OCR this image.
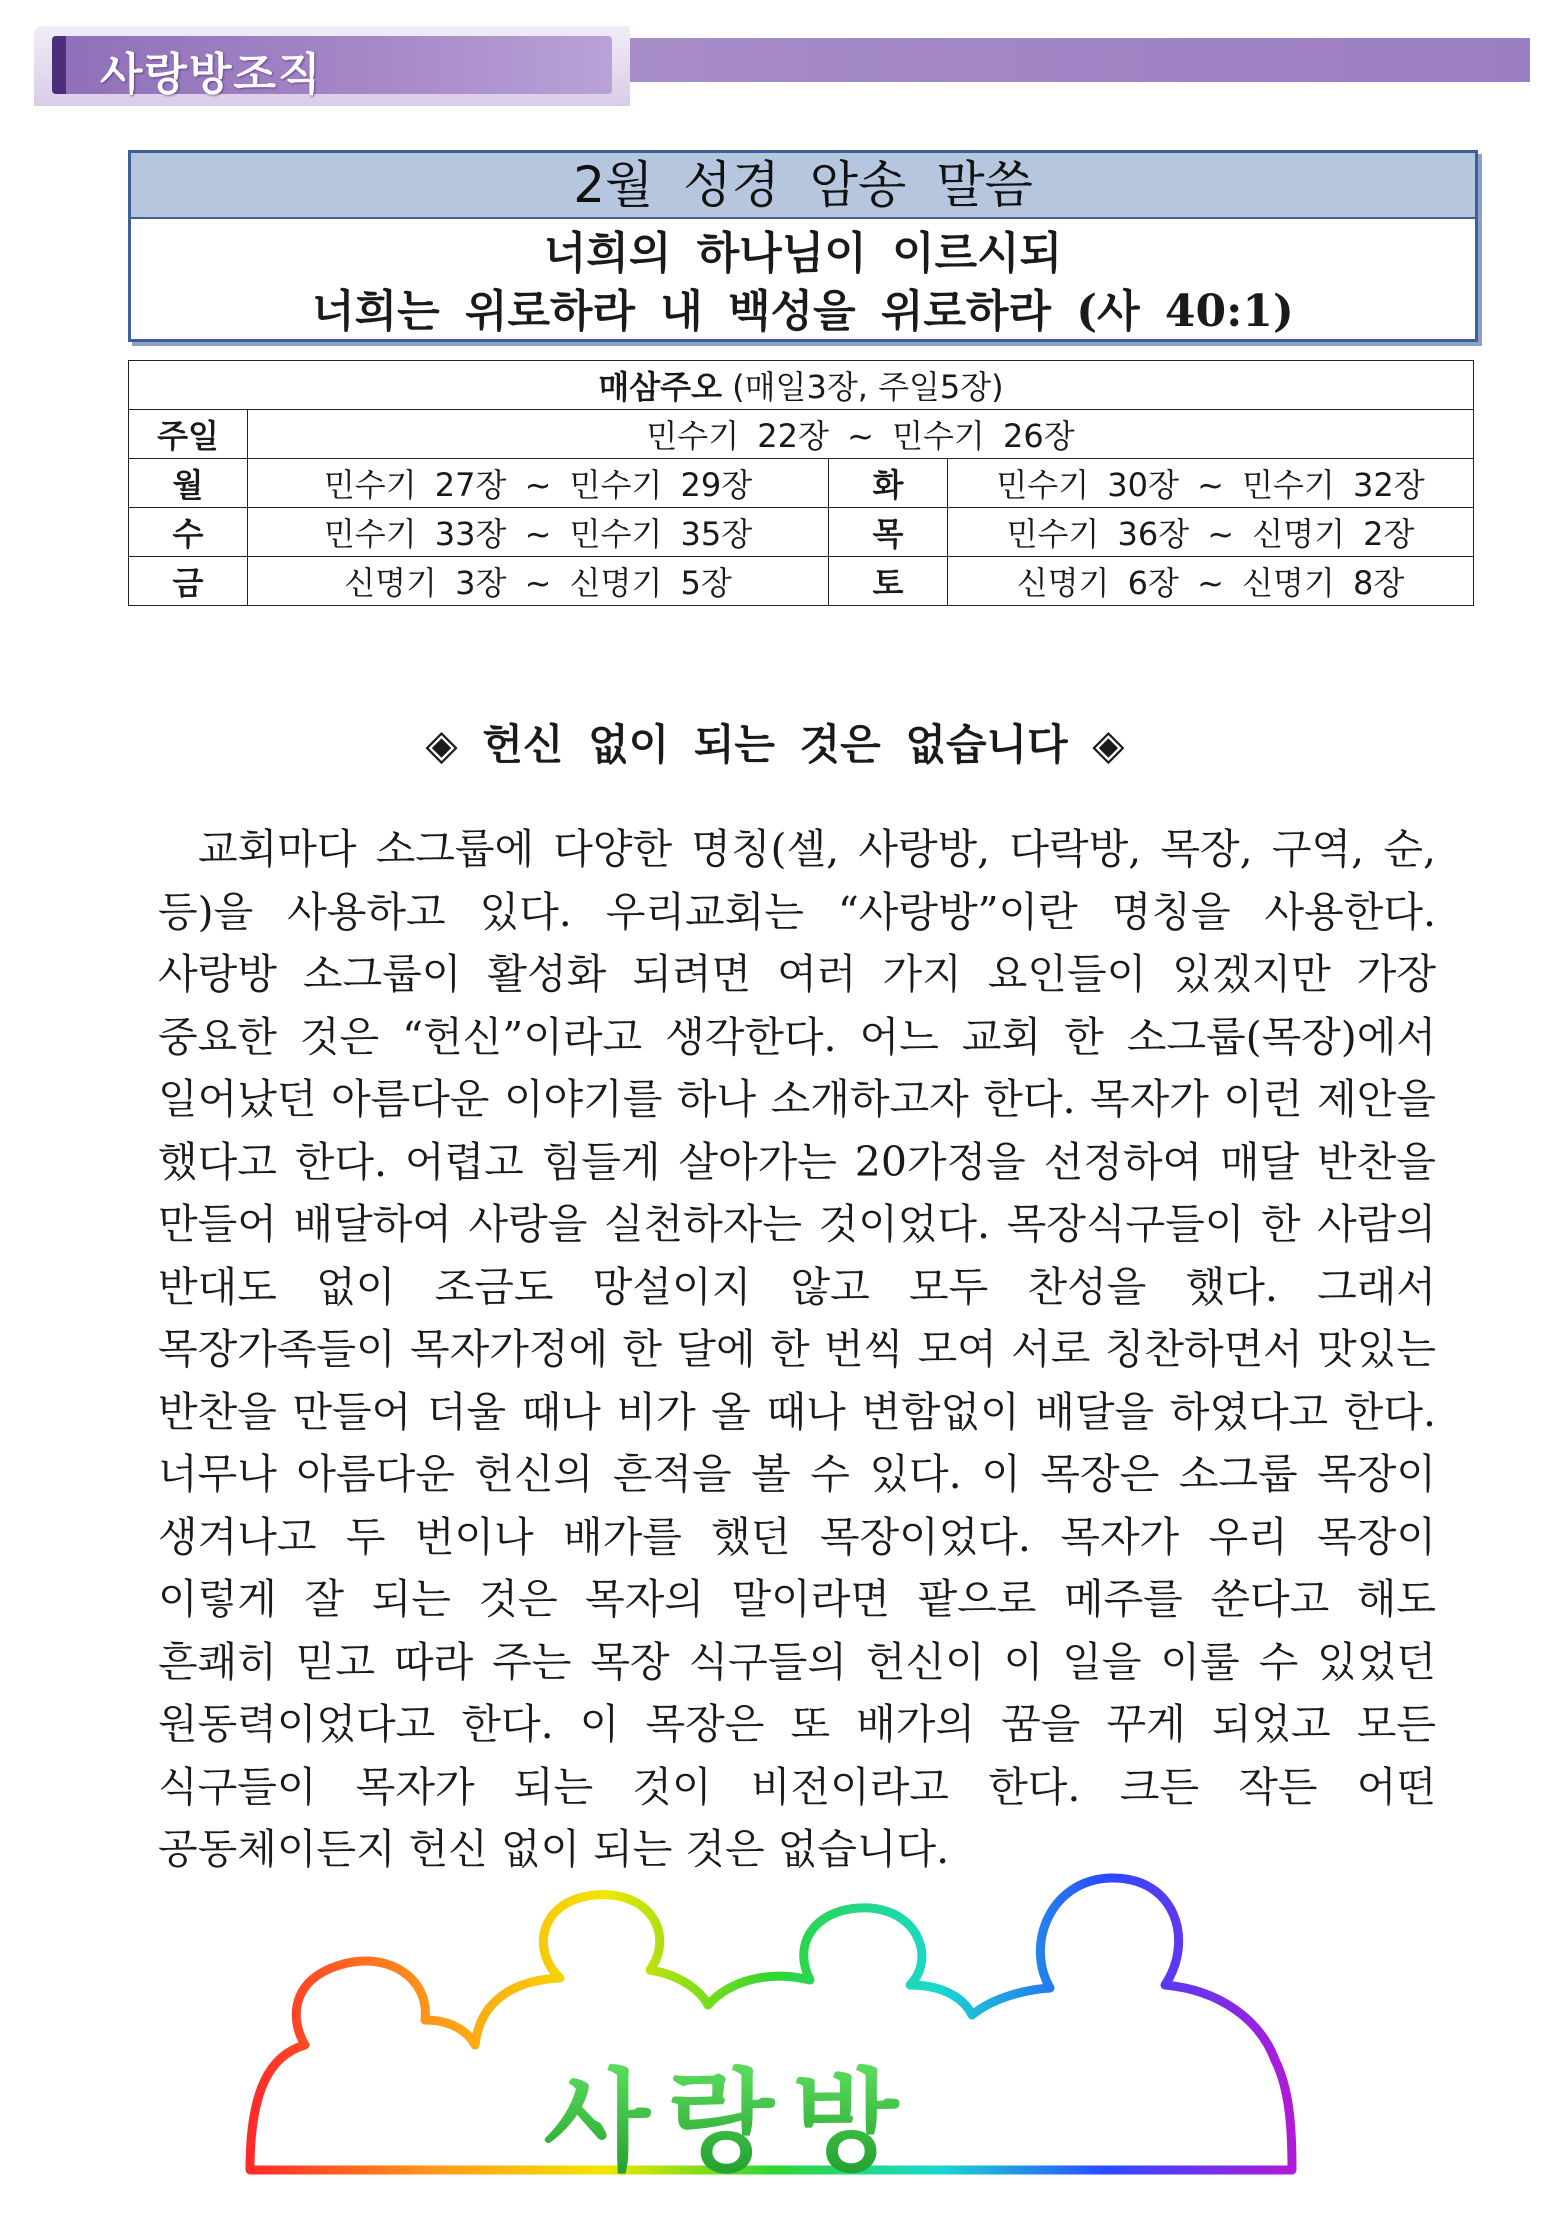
사랑방조직
2월 성경 암송 말씀
너희의 하나님이 이르시되
너희는 위로하라 내 백성을 위로하라 (사 40:1)
매삼주오 (매일3장, 주일5장)			
주일	민수기 22장 ~ 민수기 26장		
월	민수기 27장 ~ 민수기 29장	화	민수기 30장 ~ 민수기 32장
수	민수기 33장 ~ 민수기 35장	목	민수기 36장 ~ 신명기 2장
금	신명기 3장 ~ 신명기 5장	토	신명기 6장 ~ 신명기 8장
◈ 헌신 없이 되는 것은 없습니다 ◈
교회마다 소그룹에 다양한 명칭(셀, 사랑방, 다락방, 목장, 구역, 순, 등)을 사용하고 있다. 우리교회는 “사랑방”이란 명칭을 사용한다. 사랑방 소그룹이 활성화 되려면 여러 가지 요인들이 있겠지만 가장 중요한 것은 “헌신”이라고 생각한다. 어느 교회 한 소그룹(목장)에서 일어났던 아름다운 이야기를 하나 소개하고자 한다. 목자가 이런 제안을 했다고 한다. 어렵고 힘들게 살아가는 20가정을 선정하여 매달 반찬을 만들어 배달하여 사랑을 실천하자는 것이었다. 목장식구들이 한 사람의 반대도 없이 조금도 망설이지 않고 모두 찬성을 했다. 그래서 목장가족들이 목자가정에 한 달에 한 번씩 모여 서로 칭찬하면서 맛있는 반찬을 만들어 더울 때나 비가 올 때나 변함없이 배달을 하였다고 한다. 너무나 아름다운 헌신의 흔적을 볼 수 있다. 이 목장은 소그룹 목장이 생겨나고 두 번이나 배가를 했던 목장이었다. 목자가 우리 목장이 이렇게 잘 되는 것은 목자의 말이라면 팥으로 메주를 쑨다고 해도 흔쾌히 믿고 따라 주는 목장 식구들의 헌신이 이 일을 이룰 수 있었던 원동력이었다고 한다. 이 목장은 또 배가의 꿈을 꾸게 되었고 모든 식구들이 목자가 되는 것이 비전이라고 한다. 크든 작든 어떤 공동체이든지 헌신 없이 되는 것은 없습니다.
사랑방
